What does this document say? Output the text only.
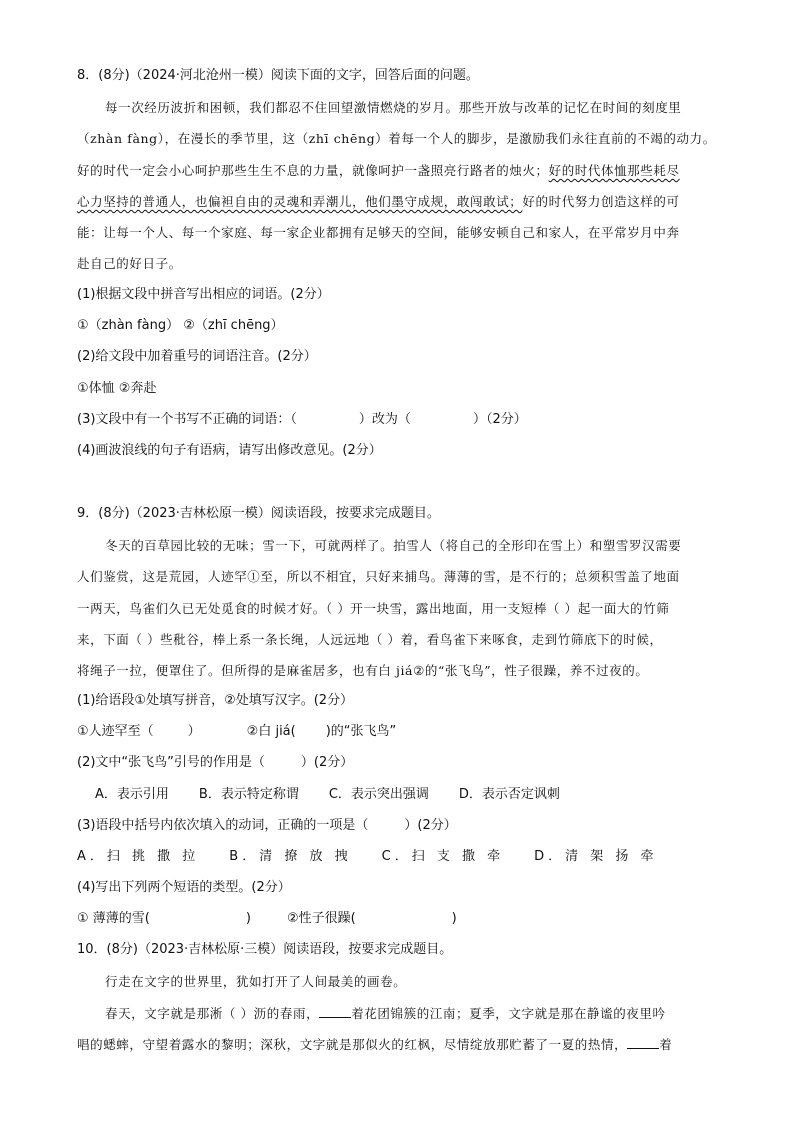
8．(8分)（2024·河北沧州一模）阅读下面的文字，回答后面的问题。
每一次经历波折和困顿，我们都忍不住回望激情燃烧的岁月。那些开放与改革的记忆在时间的刻度里
（zhàn fàng），在漫长的季节里，这（zhī chēng）着每一个人的脚步，是激励我们永往直前的不竭的动力。
好的时代一定会小心呵护那些生生不息的力量，就像呵护一盏照亮行路者的烛火；好的时代体恤那些耗尽
心力坚持的普通人，也偏袒自由的灵魂和弄潮儿，他们墨守成规，敢闯敢试；好的时代努力创造这样的可
能：让每一个人、每一个家庭、每一家企业都拥有足够天的空间，能够安顿自己和家人，在平常岁月中奔
赴自己的好日子。
(1)根据文段中拼音写出相应的词语。(2分）
①（zhàn fàng） ②（zhī chēng）
(2)给文段中加着重号的词语注音。(2分）
①体恤 ②奔赴
(3)文段中有一个书写不正确的词语：（	）改为（	）（2分）
(4)画波浪线的句子有语病，请写出修改意见。(2分）
9．(8分)（2023·吉林松原一模）阅读语段，按要求完成题目。
冬天的百草园比较的无味；雪一下，可就两样了。拍雪人（将自己的全形印在雪上）和塑雪罗汉需要
人们鉴赏，这是荒园，人迹罕①至，所以不相宜，只好来捕鸟。薄薄的雪，是不行的；总须积雪盖了地面
一两天，鸟雀们久已无处觅食的时候才好。（ ）开一块雪，露出地面，用一支短棒（ ）起一面大的竹筛
来，下面（ ）些秕谷，棒上系一条长绳，人远远地（ ）着，看鸟雀下来啄食，走到竹筛底下的时候，
将绳子一拉，便罩住了。但所得的是麻雀居多，也有白 jiá②的“张飞鸟”，性子很躁，养不过夜的。
(1)给语段①处填写拼音，②处填写汉字。(2分）
①人迹罕至（	）	②白 jiá( )的“张飞鸟”
(2)文中“张飞鸟”引号的作用是（	）(2分）
A．表示引用 B．表示特定称谓 C．表示突出强调 D．表示否定讽刺
(3)语段中括号内依次填入的动词，正确的一项是（	）(2分）
A．扫 挑 撒 拉 B．清 撩 放 拽 C．扫 支 撒 牵 D．清 架 扬 牵
(4)写出下列两个短语的类型。(2分）
① 薄薄的雪(	)	②性子很躁(	)
10．(8分)（2023·吉林松原·三模）阅读语段，按要求完成题目。
行走在文字的世界里，犹如打开了人间最美的画卷。
春天，文字就是那淅（ ）沥的春雨，	着花团锦簇的江南；夏季，文字就是那在静谧的夜里吟
唱的蟋蟀，守望着露水的黎明；深秋，文字就是那似火的红枫，尽情绽放那贮蓄了一夏的热情，	着
